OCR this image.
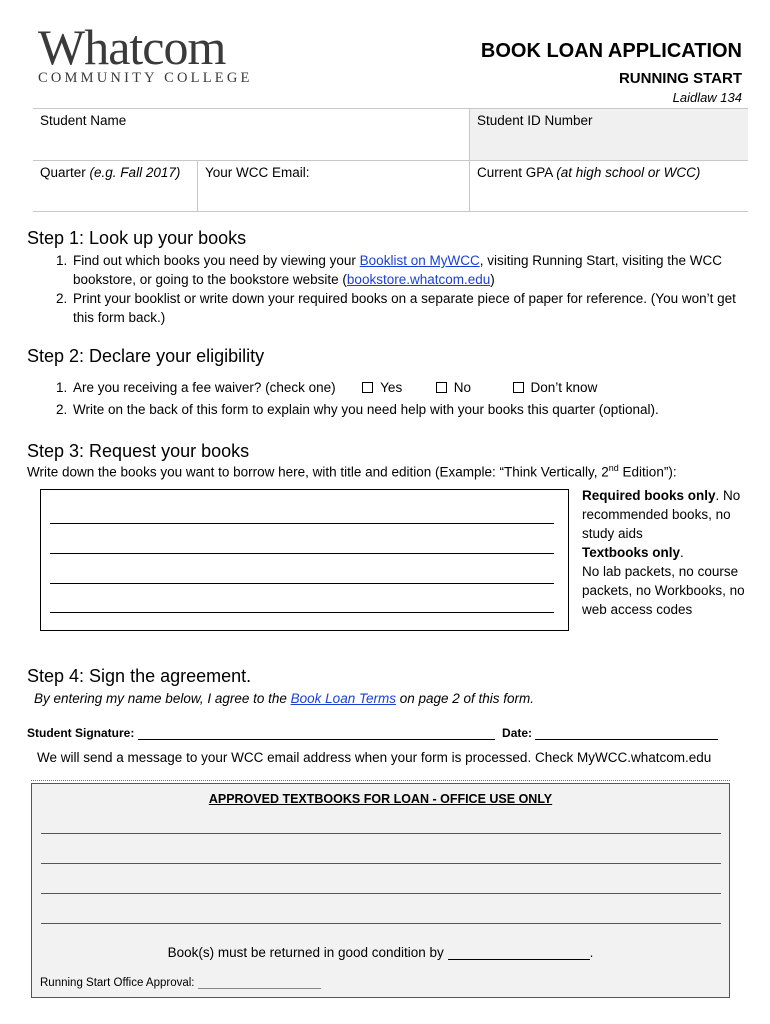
Whatcom
COMMUNITY COLLEGE
BOOK LOAN APPLICATION
RUNNING START
Laidlaw 134
Student Name	Student ID Number
Quarter (e.g. Fall 2017)	Your WCC Email:	Current GPA (at high school or WCC)
Step 1: Look up your books
1. Find out which books you need by viewing your Booklist on MyWCC, visiting Running Start, visiting the WCC bookstore, or going to the bookstore website (bookstore.whatcom.edu)
2. Print your booklist or write down your required books on a separate piece of paper for reference. (You won’t get this form back.)
Step 2: Declare your eligibility
1. Are you receiving a fee waiver? (check one)	Yes	No	Don’t know
2. Write on the back of this form to explain why you need help with your books this quarter (optional).
Step 3: Request your books
Write down the books you want to borrow here, with title and edition (Example: “Think Vertically, 2nd Edition”):
Required books only. No recommended books, no study aids
Textbooks only.
No lab packets, no course packets, no Workbooks, no web access codes
Step 4: Sign the agreement.
By entering my name below, I agree to the Book Loan Terms on page 2 of this form.
Student Signature:	Date:
We will send a message to your WCC email address when your form is processed. Check MyWCC.whatcom.edu
APPROVED TEXTBOOKS FOR LOAN - OFFICE USE ONLY
Book(s) must be returned in good condition by	.
Running Start Office Approval:
